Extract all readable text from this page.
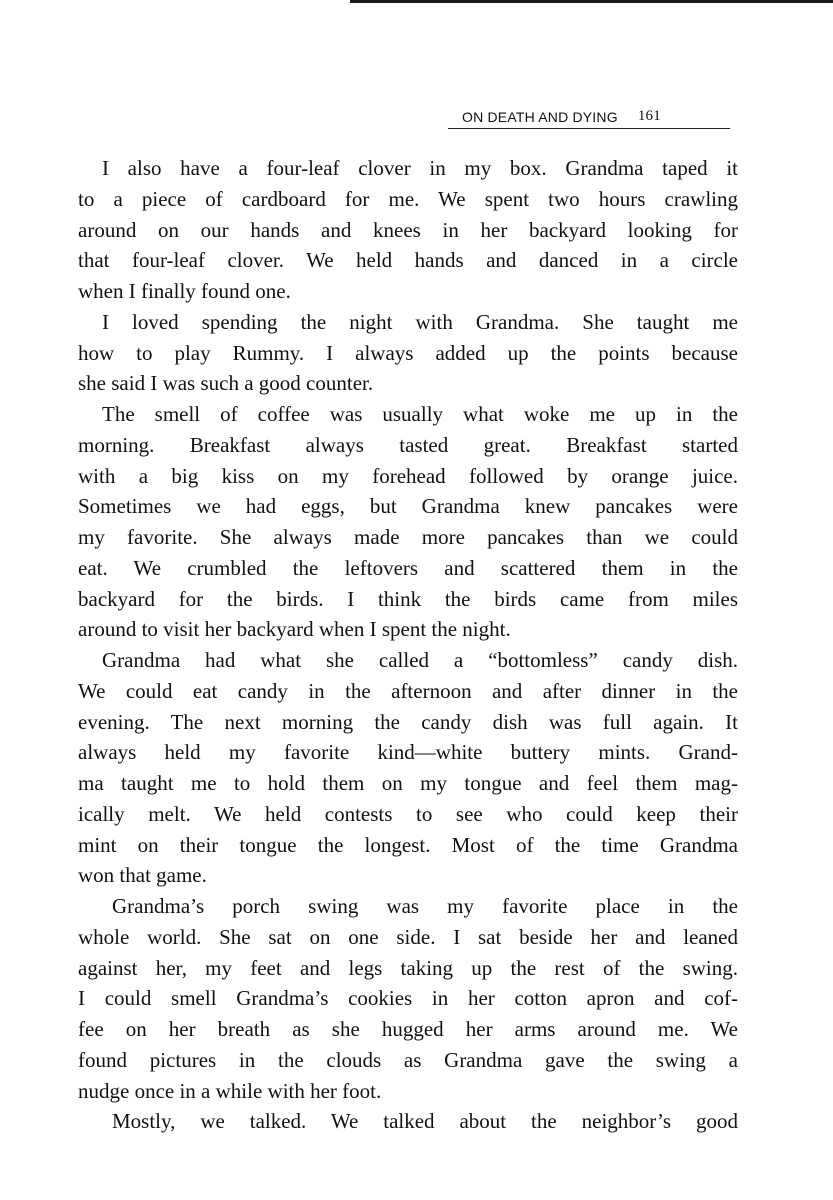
ON DEATH AND DYING 161
I also have a four-leaf clover in my box. Grandma taped it
to a piece of cardboard for me. We spent two hours crawling
around on our hands and knees in her backyard looking for
that four-leaf clover. We held hands and danced in a circle
when I finally found one.
I loved spending the night with Grandma. She taught me
how to play Rummy. I always added up the points because
she said I was such a good counter.
The smell of coffee was usually what woke me up in the
morning. Breakfast always tasted great. Breakfast started
with a big kiss on my forehead followed by orange juice.
Sometimes we had eggs, but Grandma knew pancakes were
my favorite. She always made more pancakes than we could
eat. We crumbled the leftovers and scattered them in the
backyard for the birds. I think the birds came from miles
around to visit her backyard when I spent the night.
Grandma had what she called a “bottomless” candy dish.
We could eat candy in the afternoon and after dinner in the
evening. The next morning the candy dish was full again. It
always held my favorite kind—white buttery mints. Grand-
ma taught me to hold them on my tongue and feel them mag-
ically melt. We held contests to see who could keep their
mint on their tongue the longest. Most of the time Grandma
won that game.
Grandma’s porch swing was my favorite place in the
whole world. She sat on one side. I sat beside her and leaned
against her, my feet and legs taking up the rest of the swing.
I could smell Grandma’s cookies in her cotton apron and cof-
fee on her breath as she hugged her arms around me. We
found pictures in the clouds as Grandma gave the swing a
nudge once in a while with her foot.
Mostly, we talked. We talked about the neighbor’s good
